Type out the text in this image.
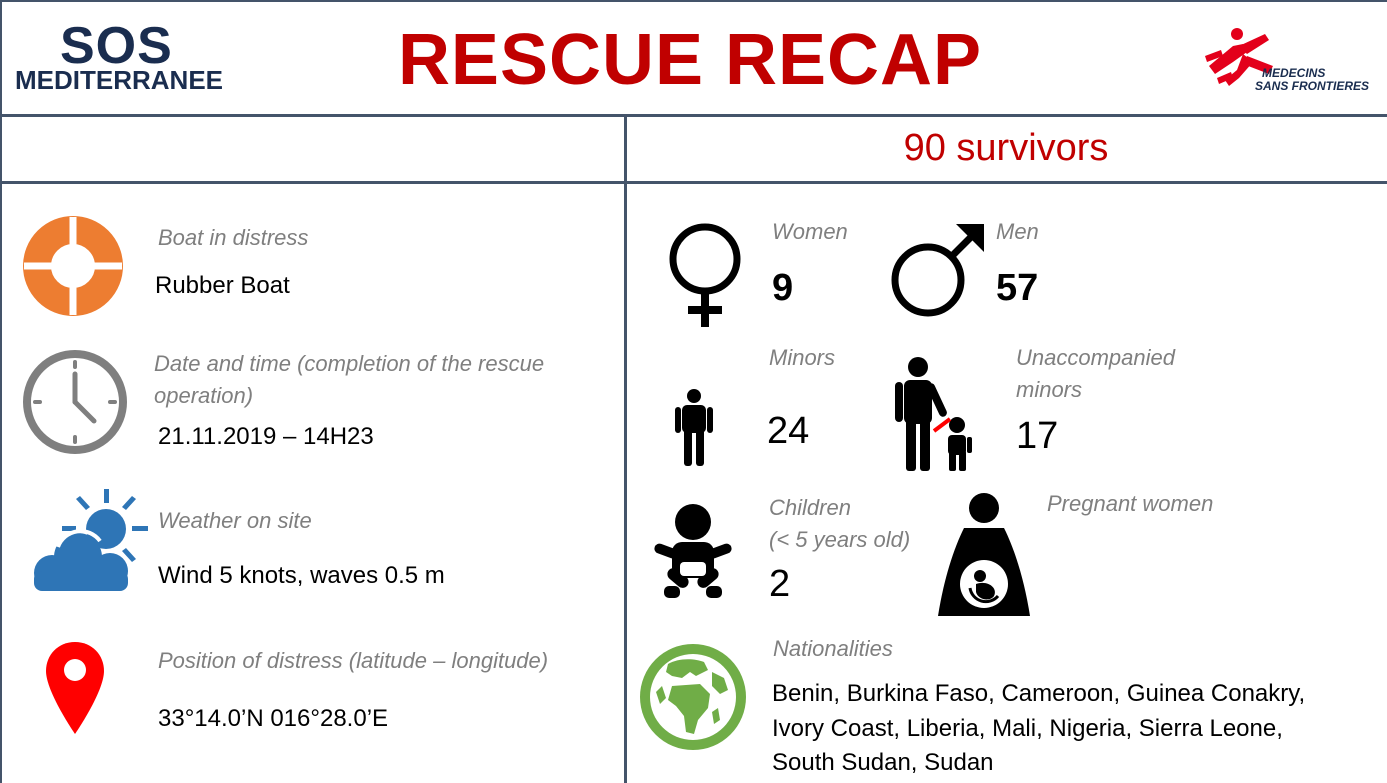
SOS
MEDITERRANEE RESCUE RECAP	MEDECINS
SANS FRONTIERES
90 survivors
Boat in distress
Rubber Boat
Date and time (completion of the rescue
operation)
21.11.2019 – 14H23
Weather on site
Wind 5 knots, waves 0.5 m
Position of distress (latitude – longitude)
33°14.0’N 016°28.0’E
Women
9
Men
57
Minors
24
Unaccompanied
minors
17
Children
(< 5 years old)
2
Pregnant women
Nationalities
Benin, Burkina Faso, Cameroon, Guinea Conakry,
Ivory Coast, Liberia, Mali, Nigeria, Sierra Leone,
South Sudan, Sudan
